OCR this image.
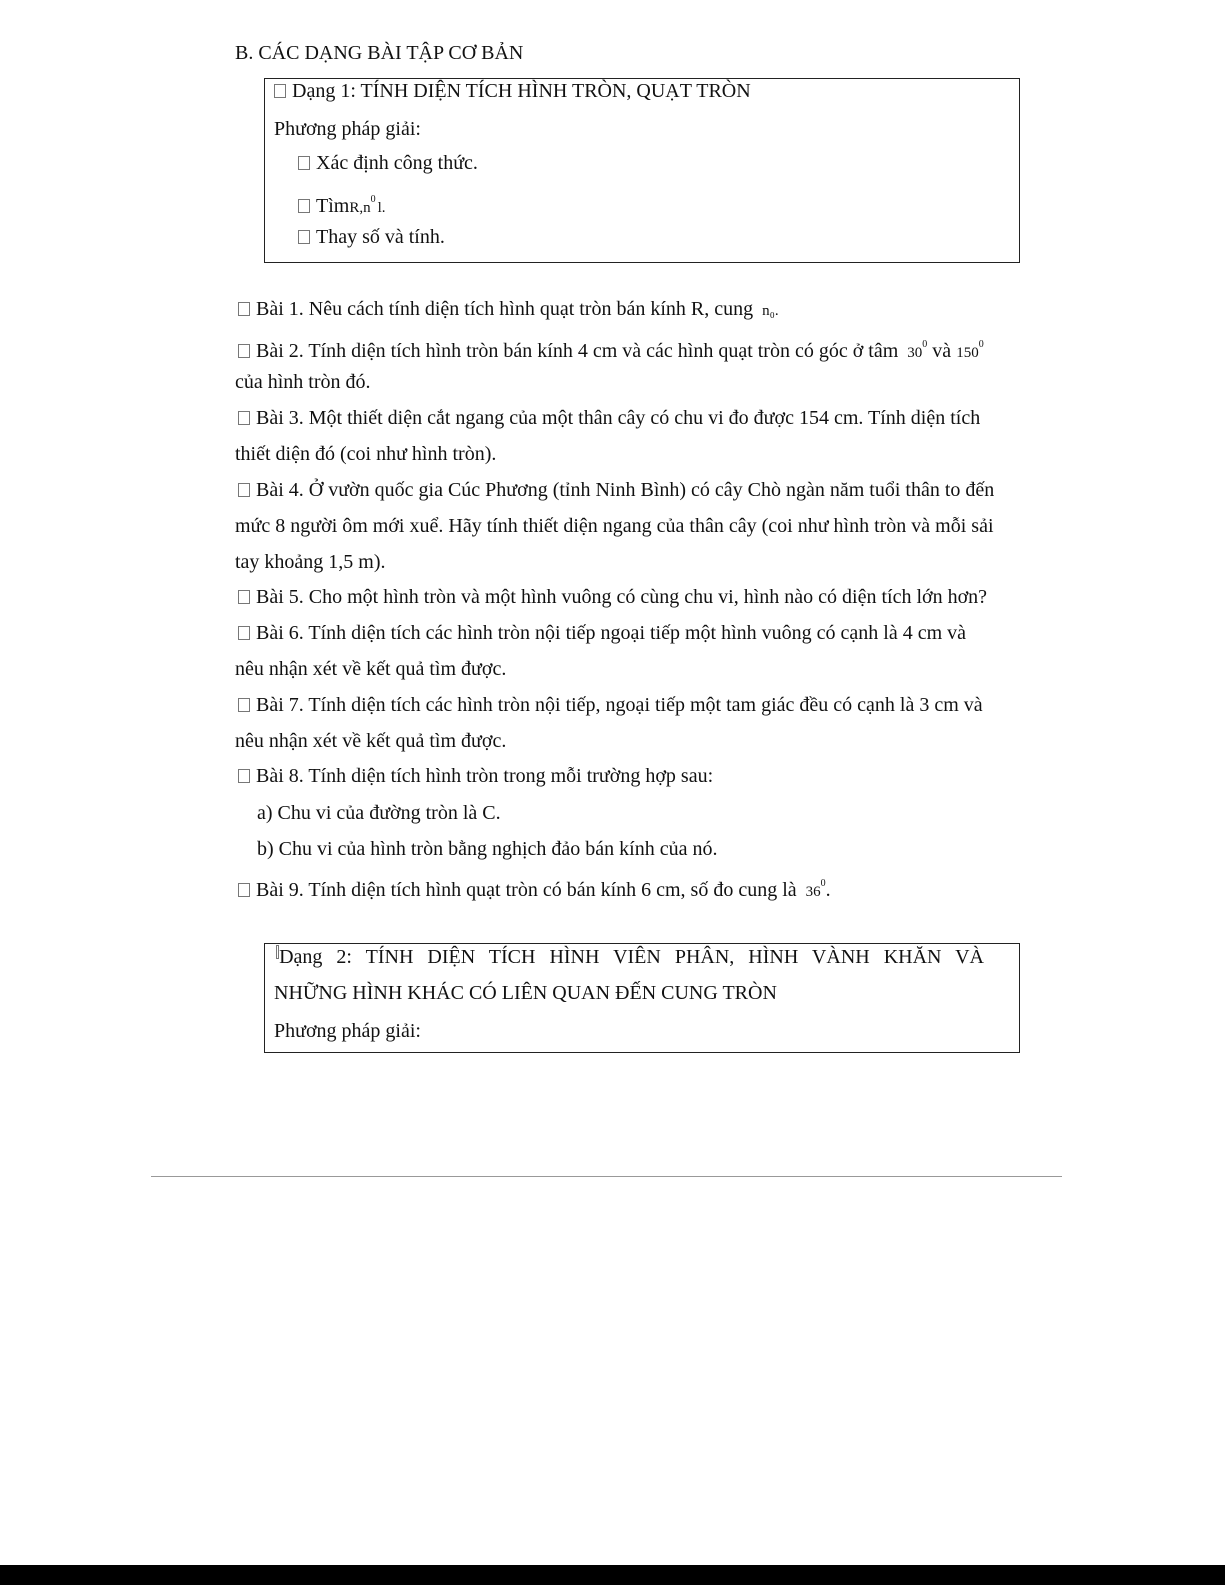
B. CÁC DẠNG BÀI TẬP CƠ BẢN
Dạng 1: TÍNH DIỆN TÍCH HÌNH TRÒN, QUẠT TRÒN
Phương pháp giải:
Xác định công thức.
$TìmR,n^0l$.
Thay số và tính.
Bài 1. Nêu cách tính diện tích hình quạt tròn bán kính R, cung n₀.
Bài 2. Tính diện tích hình tròn bán kính 4 cm và các hình quạt tròn có góc ở tâm $30^0$ và $150^0$
của hình tròn đó.
Bài 3. Một thiết diện cắt ngang của một thân cây có chu vi đo được 154 cm. Tính diện tích
thiết diện đó (coi như hình tròn).
Bài 4. Ở vườn quốc gia Cúc Phương (tỉnh Ninh Bình) có cây Chò ngàn năm tuổi thân to đến
mức 8 người ôm mới xuể. Hãy tính thiết diện ngang của thân cây (coi như hình tròn và mỗi sải
tay khoảng 1,5 m).
Bài 5. Cho một hình tròn và một hình vuông có cùng chu vi, hình nào có diện tích lớn hơn?
Bài 6. Tính diện tích các hình tròn nội tiếp ngoại tiếp một hình vuông có cạnh là 4 cm và
nêu nhận xét về kết quả tìm được.
Bài 7. Tính diện tích các hình tròn nội tiếp, ngoại tiếp một tam giác đều có cạnh là 3 cm và
nêu nhận xét về kết quả tìm được.
Bài 8. Tính diện tích hình tròn trong mỗi trường hợp sau:
a) Chu vi của đường tròn là C.
b) Chu vi của hình tròn bằng nghịch đảo bán kính của nó.
Bài 9. Tính diện tích hình quạt tròn có bán kính 6 cm, số đo cung là $36^0$.
Dạng 2: TÍNH DIỆN TÍCH HÌNH VIÊN PHÂN, HÌNH VÀNH KHĂN VÀ
NHỮNG HÌNH KHÁC CÓ LIÊN QUAN ĐẾN CUNG TRÒN
Phương pháp giải:
